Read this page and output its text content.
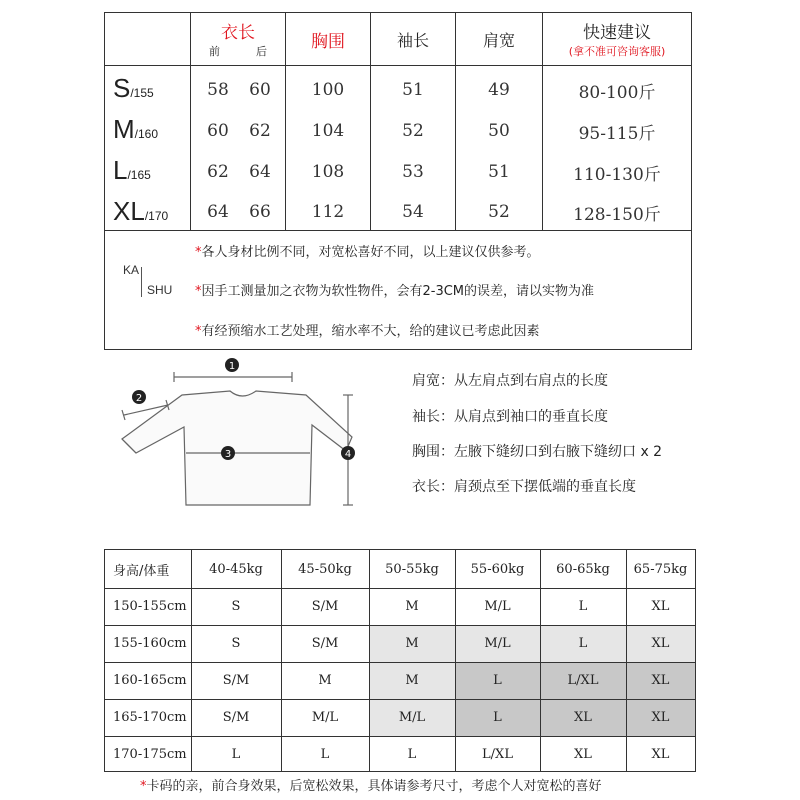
衣长
前	后	胸围	袖长	肩宽	快速建议
(拿不准可咨询客服)
S/155	58	60	100	51	49	80-100斤
M/160	60	62	104	52	50	95-115斤
L/165	62	64	108	53	51	110-130斤
XL/170	64	66	112	54	52	128-150斤
KA
SHU
*各人身材比例不同，对宽松喜好不同，以上建议仅供参考。
*因手工测量加之衣物为软性物件，会有2-3CM的误差，请以实物为准
*有经预缩水工艺处理，缩水率不大，给的建议已考虑此因素
1
2
3	4
肩宽：从左肩点到右肩点的长度
袖长：从肩点到袖口的垂直长度
胸围：左腋下缝纫口到右腋下缝纫口 x 2
衣长：肩颈点至下摆低端的垂直长度
身高/体重	40-45kg	45-50kg	50-55kg	55-60kg	60-65kg	65-75kg
150-155cm	S	S/M	M	M/L	L	XL
155-160cm	S	S/M	M	M/L	L	XL
160-165cm	S/M	M	M	L	L/XL	XL
165-170cm	S/M	M/L	M/L	L	XL	XL
170-175cm	L	L	L	L/XL	XL	XL
*卡码的亲，前合身效果，后宽松效果，具体请参考尺寸，考虑个人对宽松的喜好
